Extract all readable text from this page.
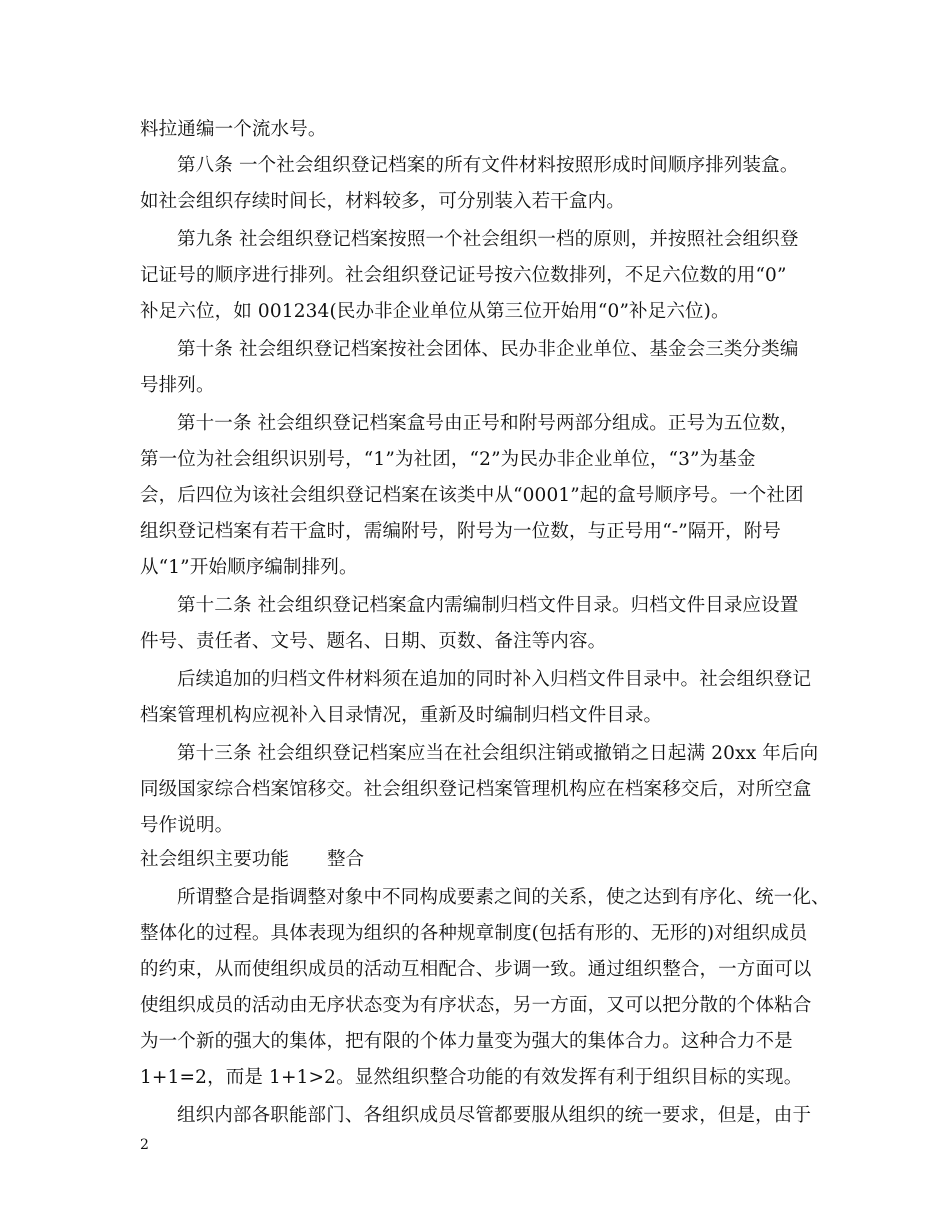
料拉通编一个流水号。
第八条 一个社会组织登记档案的所有文件材料按照形成时间顺序排列装盒。
如社会组织存续时间长，材料较多，可分别装入若干盒内。
第九条 社会组织登记档案按照一个社会组织一档的原则，并按照社会组织登
记证号的顺序进行排列。社会组织登记证号按六位数排列，不足六位数的用“0”
补足六位，如 001234(民办非企业单位从第三位开始用“0”补足六位)。
第十条 社会组织登记档案按社会团体、民办非企业单位、基金会三类分类编
号排列。
第十一条 社会组织登记档案盒号由正号和附号两部分组成。正号为五位数，
第一位为社会组织识别号，“1”为社团，“2”为民办非企业单位，“3”为基金
会，后四位为该社会组织登记档案在该类中从“0001”起的盒号顺序号。一个社团
组织登记档案有若干盒时，需编附号，附号为一位数，与正号用“-”隔开，附号
从“1”开始顺序编制排列。
第十二条 社会组织登记档案盒内需编制归档文件目录。归档文件目录应设置
件号、责任者、文号、题名、日期、页数、备注等内容。
后续追加的归档文件材料须在追加的同时补入归档文件目录中。社会组织登记
档案管理机构应视补入目录情况，重新及时编制归档文件目录。
第十三条 社会组织登记档案应当在社会组织注销或撤销之日起满 20xx 年后向
同级国家综合档案馆移交。社会组织登记档案管理机构应在档案移交后，对所空盒
号作说明。
社会组织主要功能 整合
所谓整合是指调整对象中不同构成要素之间的关系，使之达到有序化、统一化、
整体化的过程。具体表现为组织的各种规章制度(包括有形的、无形的)对组织成员
的约束，从而使组织成员的活动互相配合、步调一致。通过组织整合，一方面可以
使组织成员的活动由无序状态变为有序状态，另一方面，又可以把分散的个体粘合
为一个新的强大的集体，把有限的个体力量变为强大的集体合力。这种合力不是
1+1=2，而是 1+1>2。显然组织整合功能的有效发挥有利于组织目标的实现。
组织内部各职能部门、各组织成员尽管都要服从组织的统一要求，但是，由于
2
